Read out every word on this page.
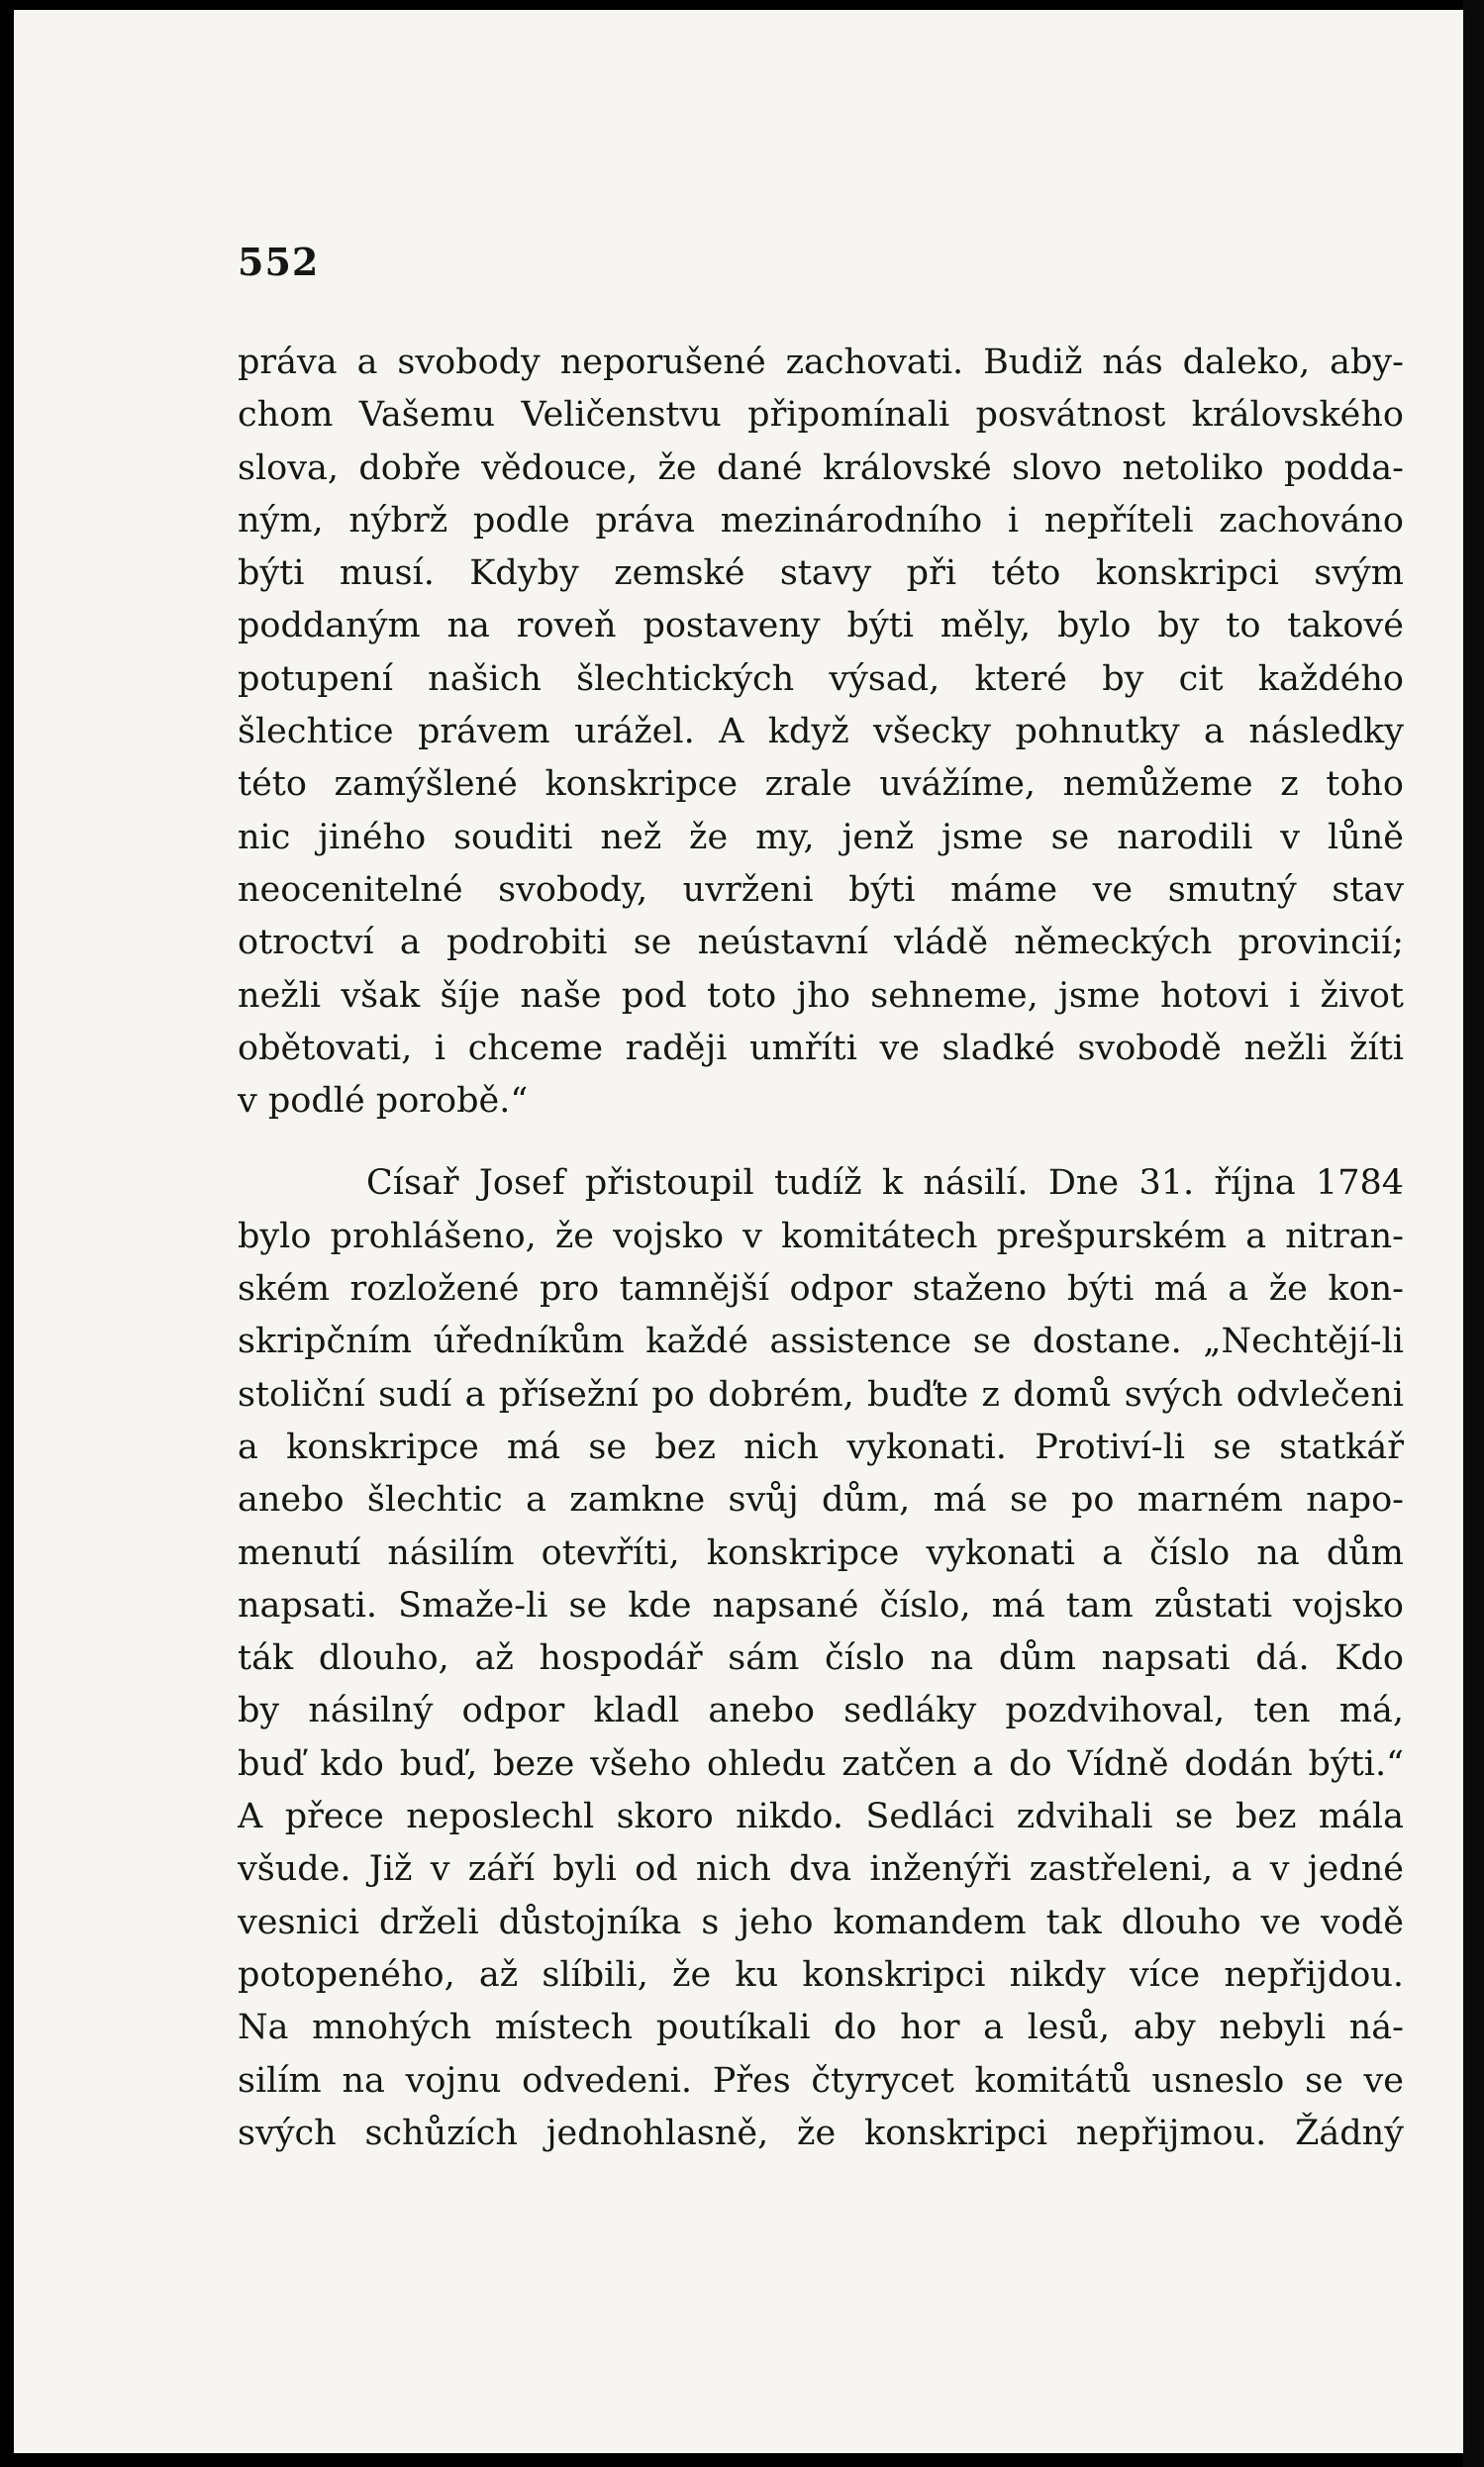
552
práva a svobody neporušené zachovati. Budiž nás daleko, aby-
chom Vašemu Veličenstvu připomínali posvátnost královského
slova, dobře vědouce, že dané královské slovo netoliko podda-
ným, nýbrž podle práva mezinárodního i nepříteli zachováno
býti musí. Kdyby zemské stavy při této konskripci svým
poddaným na roveň postaveny býti měly, bylo by to takové
potupení našich šlechtických výsad, které by cit každého
šlechtice právem urážel. A když všecky pohnutky a následky
této zamýšlené konskripce zrale uvážíme, nemůžeme z toho
nic jiného souditi než že my, jenž jsme se narodili v lůně
neocenitelné svobody, uvrženi býti máme ve smutný stav
otroctví a podrobiti se neústavní vládě německých provincií;
nežli však šíje naše pod toto jho sehneme, jsme hotovi i život
obětovati, i chceme raději umříti ve sladké svobodě nežli žíti
v podlé porobě.“
Císař Josef přistoupil tudíž k násilí. Dne 31. října 1784
bylo prohlášeno, že vojsko v komitátech prešpurském a nitran-
ském rozložené pro tamnější odpor staženo býti má a že kon-
skripčním úředníkům každé assistence se dostane. „Nechtějí-li
stoliční sudí a přísežní po dobrém, buďte z domů svých odvlečeni
a konskripce má se bez nich vykonati. Protiví-li se statkář
anebo šlechtic a zamkne svůj dům, má se po marném napo-
menutí násilím otevříti, konskripce vykonati a číslo na dům
napsati. Smaže-li se kde napsané číslo, má tam zůstati vojsko
ták dlouho, až hospodář sám číslo na dům napsati dá. Kdo
by násilný odpor kladl anebo sedláky pozdvihoval, ten má,
buď kdo buď, beze všeho ohledu zatčen a do Vídně dodán býti.“
A přece neposlechl skoro nikdo. Sedláci zdvihali se bez mála
všude. Již v září byli od nich dva inženýři zastřeleni, a v jedné
vesnici drželi důstojníka s jeho komandem tak dlouho ve vodě
potopeného, až slíbili, že ku konskripci nikdy více nepřijdou.
Na mnohých místech poutíkali do hor a lesů, aby nebyli ná-
silím na vojnu odvedeni. Přes čtyrycet komitátů usneslo se ve
svých schůzích jednohlasně, že konskripci nepřijmou. Žádný
